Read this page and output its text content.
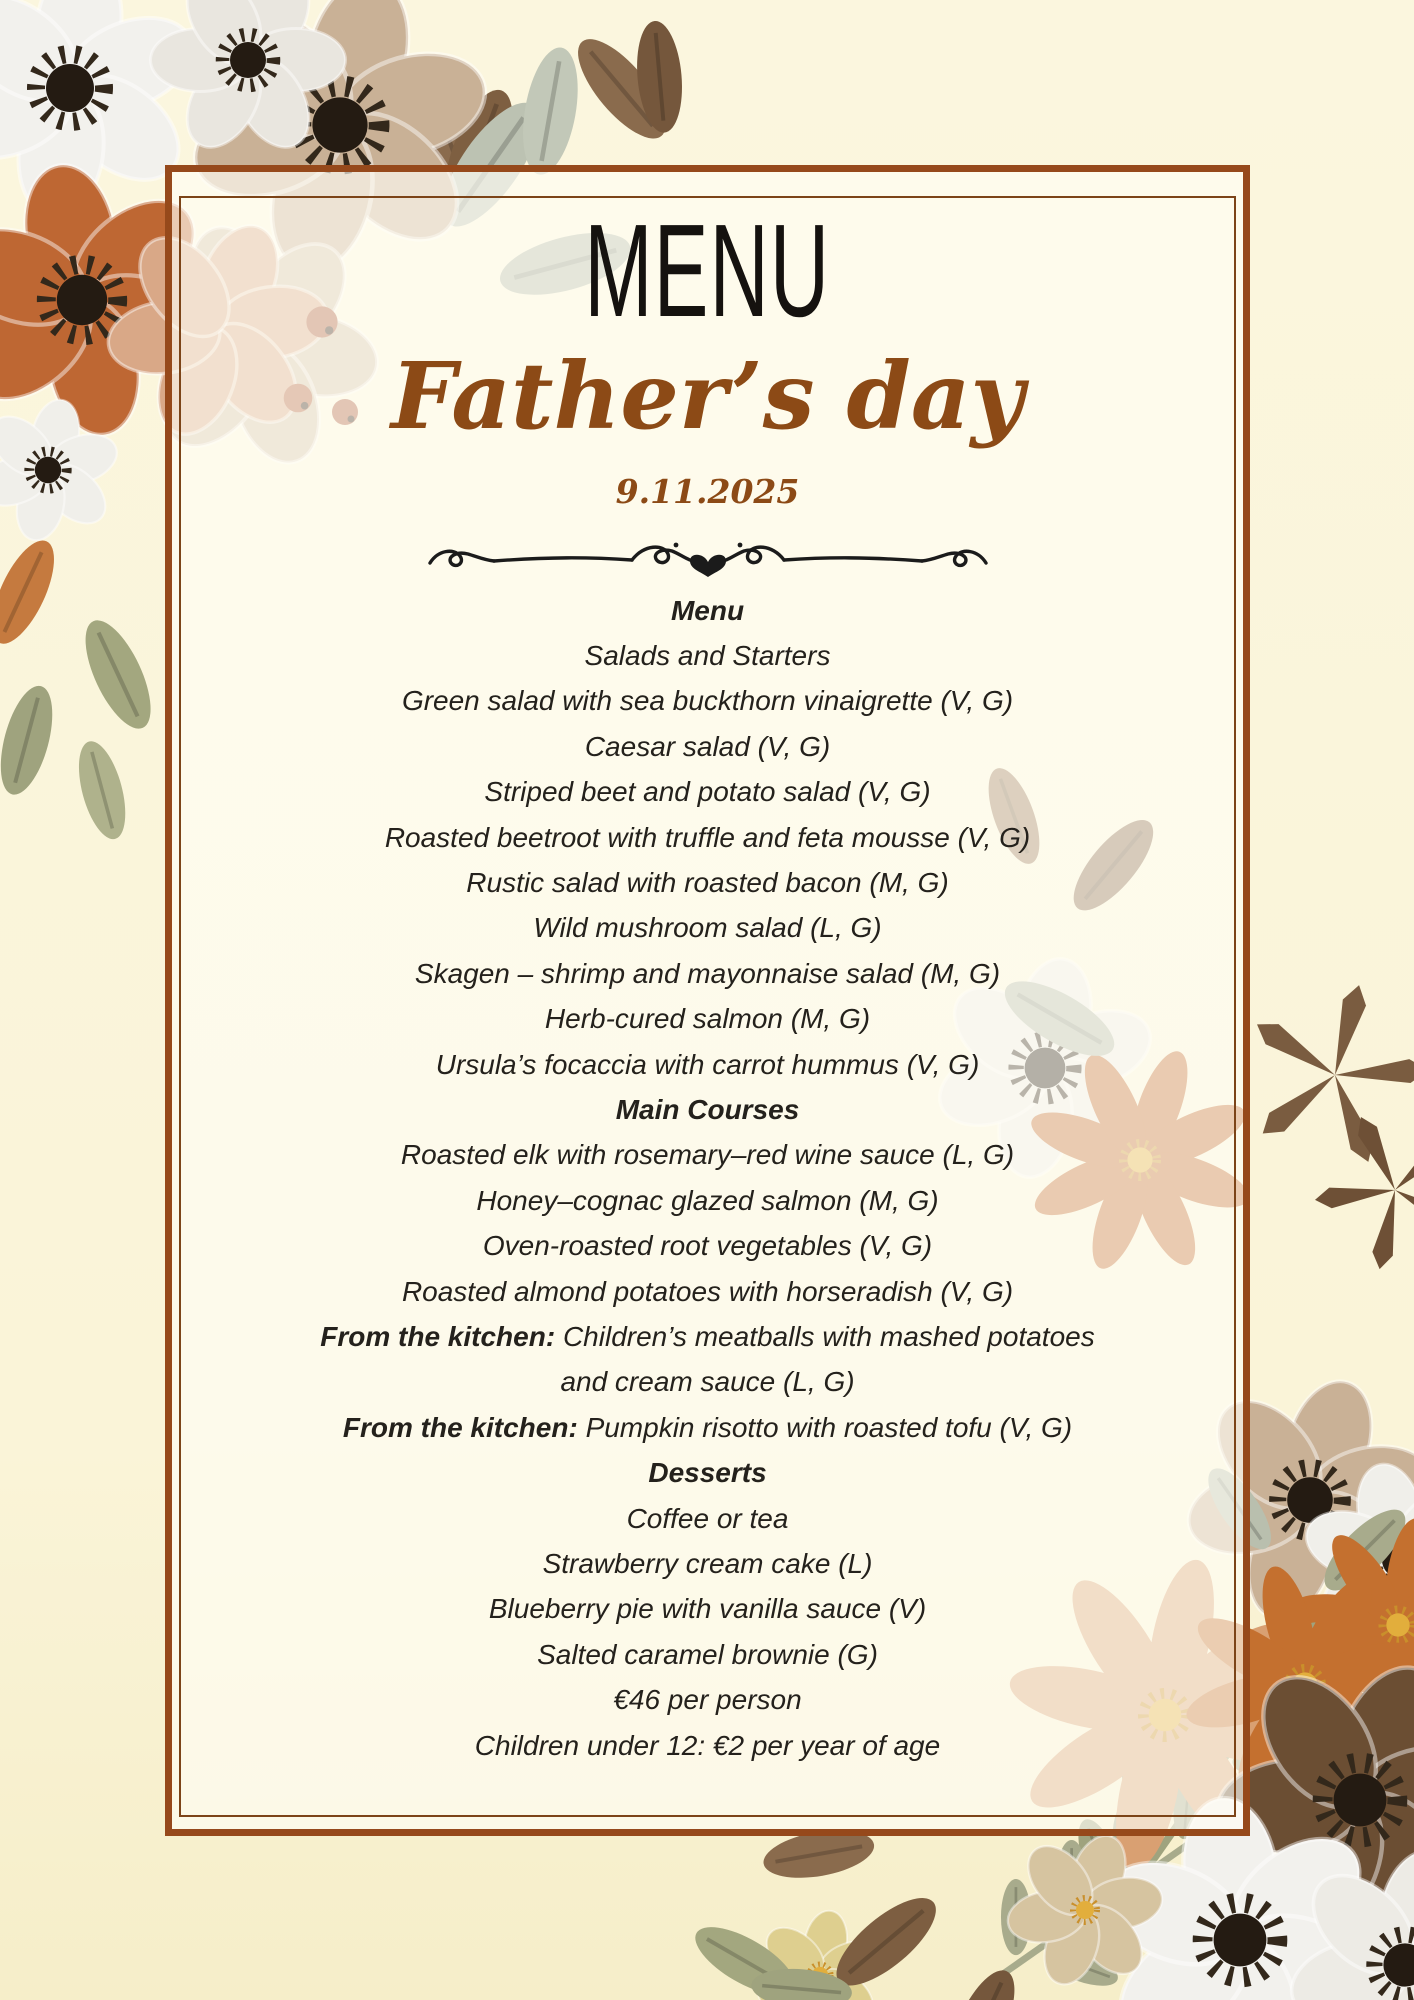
MENU
Father’s day
9.11.2025
Menu
Salads and Starters
Green salad with sea buckthorn vinaigrette (V, G)
Caesar salad (V, G)
Striped beet and potato salad (V, G)
Roasted beetroot with truffle and feta mousse (V, G)
Rustic salad with roasted bacon (M, G)
Wild mushroom salad (L, G)
Skagen – shrimp and mayonnaise salad (M, G)
Herb-cured salmon (M, G)
Ursula’s focaccia with carrot hummus (V, G)
Main Courses
Roasted elk with rosemary–red wine sauce (L, G)
Honey–cognac glazed salmon (M, G)
Oven-roasted root vegetables (V, G)
Roasted almond potatoes with horseradish (V, G)
From the kitchen: Children’s meatballs with mashed potatoes
and cream sauce (L, G)
From the kitchen: Pumpkin risotto with roasted tofu (V, G)
Desserts
Coffee or tea
Strawberry cream cake (L)
Blueberry pie with vanilla sauce (V)
Salted caramel brownie (G)
€46 per person
Children under 12: €2 per year of age
